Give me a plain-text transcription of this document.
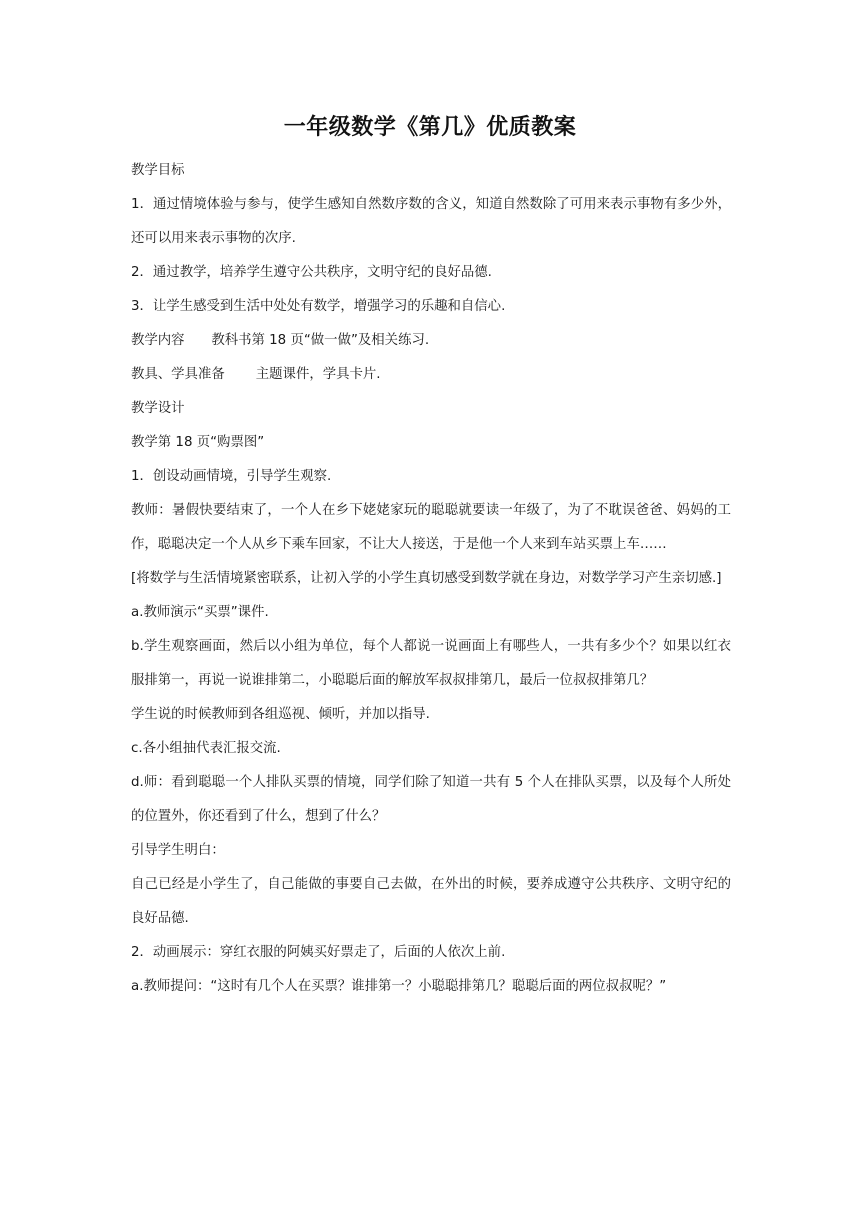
一年级数学《第几》优质教案

教学目标

1．通过情境体验与参与，使学生感知自然数序数的含义，知道自然数除了可用来表示事物有多少外，还可以用来表示事物的次序.

2．通过教学，培养学生遵守公共秩序，文明守纪的良好品德.

3．让学生感受到生活中处处有数学，增强学习的乐趣和自信心.

教学内容　　教科书第 18 页“做一做”及相关练习.

教具、学具准备　　 主题课件，学具卡片.

教学设计

教学第 18 页“购票图”

1．创设动画情境，引导学生观察.

教师：暑假快要结束了，一个人在乡下姥姥家玩的聪聪就要读一年级了，为了不耽误爸爸、妈妈的工作，聪聪决定一个人从乡下乘车回家，不让大人接送，于是他一个人来到车站买票上车……

[将数学与生活情境紧密联系，让初入学的小学生真切感受到数学就在身边，对数学学习产生亲切感.]

a.教师演示“买票”课件.

b.学生观察画面，然后以小组为单位，每个人都说一说画面上有哪些人，一共有多少个？如果以红衣服排第一，再说一说谁排第二，小聪聪后面的解放军叔叔排第几，最后一位叔叔排第几？

学生说的时候教师到各组巡视、倾听，并加以指导.

c.各小组抽代表汇报交流.

d.师：看到聪聪一个人排队买票的情境，同学们除了知道一共有 5 个人在排队买票，以及每个人所处的位置外，你还看到了什么，想到了什么？

引导学生明白：

自己已经是小学生了，自己能做的事要自己去做，在外出的时候，要养成遵守公共秩序、文明守纪的良好品德.

2．动画展示：穿红衣服的阿姨买好票走了，后面的人依次上前.

a.教师提问：“这时有几个人在买票？谁排第一？小聪聪排第几？聪聪后面的两位叔叔呢？”
